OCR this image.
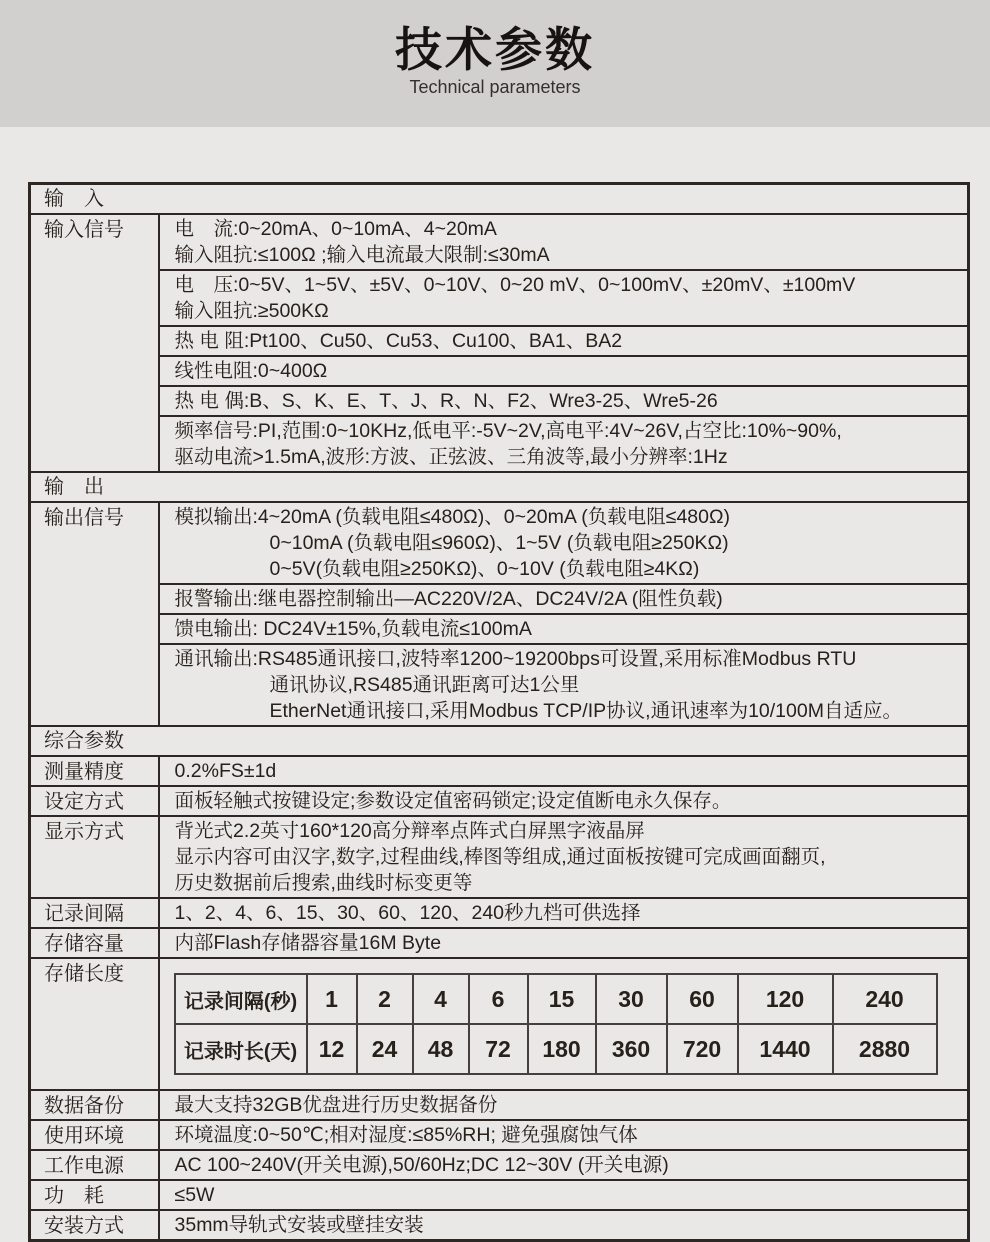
技术参数
Technical parameters
输　入
输入信号	电　流:0~20mA、0~10mA、4~20mA
输入阻抗:≤100Ω ;输入电流最大限制:≤30mA

电　压:0~5V、1~5V、±5V、0~10V、0~20 mV、0~100mV、±20mV、±100mV
输入阻抗:≥500KΩ

热 电 阻:Pt100、Cu50、Cu53、Cu100、BA1、BA2

线性电阻:0~400Ω

热 电 偶:B、S、K、E、T、J、R、N、F2、Wre3-25、Wre5-26

频率信号:PI,范围:0~10KHz,低电平:-5V~2V,高电平:4V~26V,占空比:10%~90%,
驱动电流>1.5mA,波形:方波、正弦波、三角波等,最小分辨率:1Hz

输　出
输出信号	模拟输出:4~20mA (负载电阻≤480Ω)、0~20mA (负载电阻≤480Ω)
0~10mA (负载电阻≤960Ω)、1~5V (负载电阻≥250KΩ)
0~5V(负载电阻≥250KΩ)、0~10V (负载电阻≥4KΩ)

报警输出:继电器控制输出—AC220V/2A、DC24V/2A (阻性负载)

馈电输出: DC24V±15%,负载电流≤100mA

通讯输出:RS485通讯接口,波特率1200~19200bps可设置,采用标准Modbus RTU
通讯协议,RS485通讯距离可达1公里
EtherNet通讯接口,采用Modbus TCP/IP协议,通讯速率为10/100M自适应。

综合参数
测量精度	0.2%FS±1d

设定方式	面板轻触式按键设定;参数设定值密码锁定;设定值断电永久保存。

显示方式	背光式2.2英寸160*120高分辩率点阵式白屏黑字液晶屏
显示内容可由汉字,数字,过程曲线,棒图等组成,通过面板按键可完成画面翻页,
历史数据前后搜索,曲线时标变更等

记录间隔	1、2、4、6、15、30、60、120、240秒九档可供选择

存储容量	内部Flash存储器容量16M Byte

存储长度	
记录间隔(秒)	1	2	4	6	15	30	60	120	240
记录时长(天)	12	24	48	72	180	360	720	1440	2880

数据备份	最大支持32GB优盘进行历史数据备份

使用环境	环境温度:0~50℃;相对湿度:≤85%RH; 避免强腐蚀气体

工作电源	AC 100~240V(开关电源),50/60Hz;DC 12~30V (开关电源)

功　耗	≤5W

安装方式	35mm导轨式安装或壁挂安装
